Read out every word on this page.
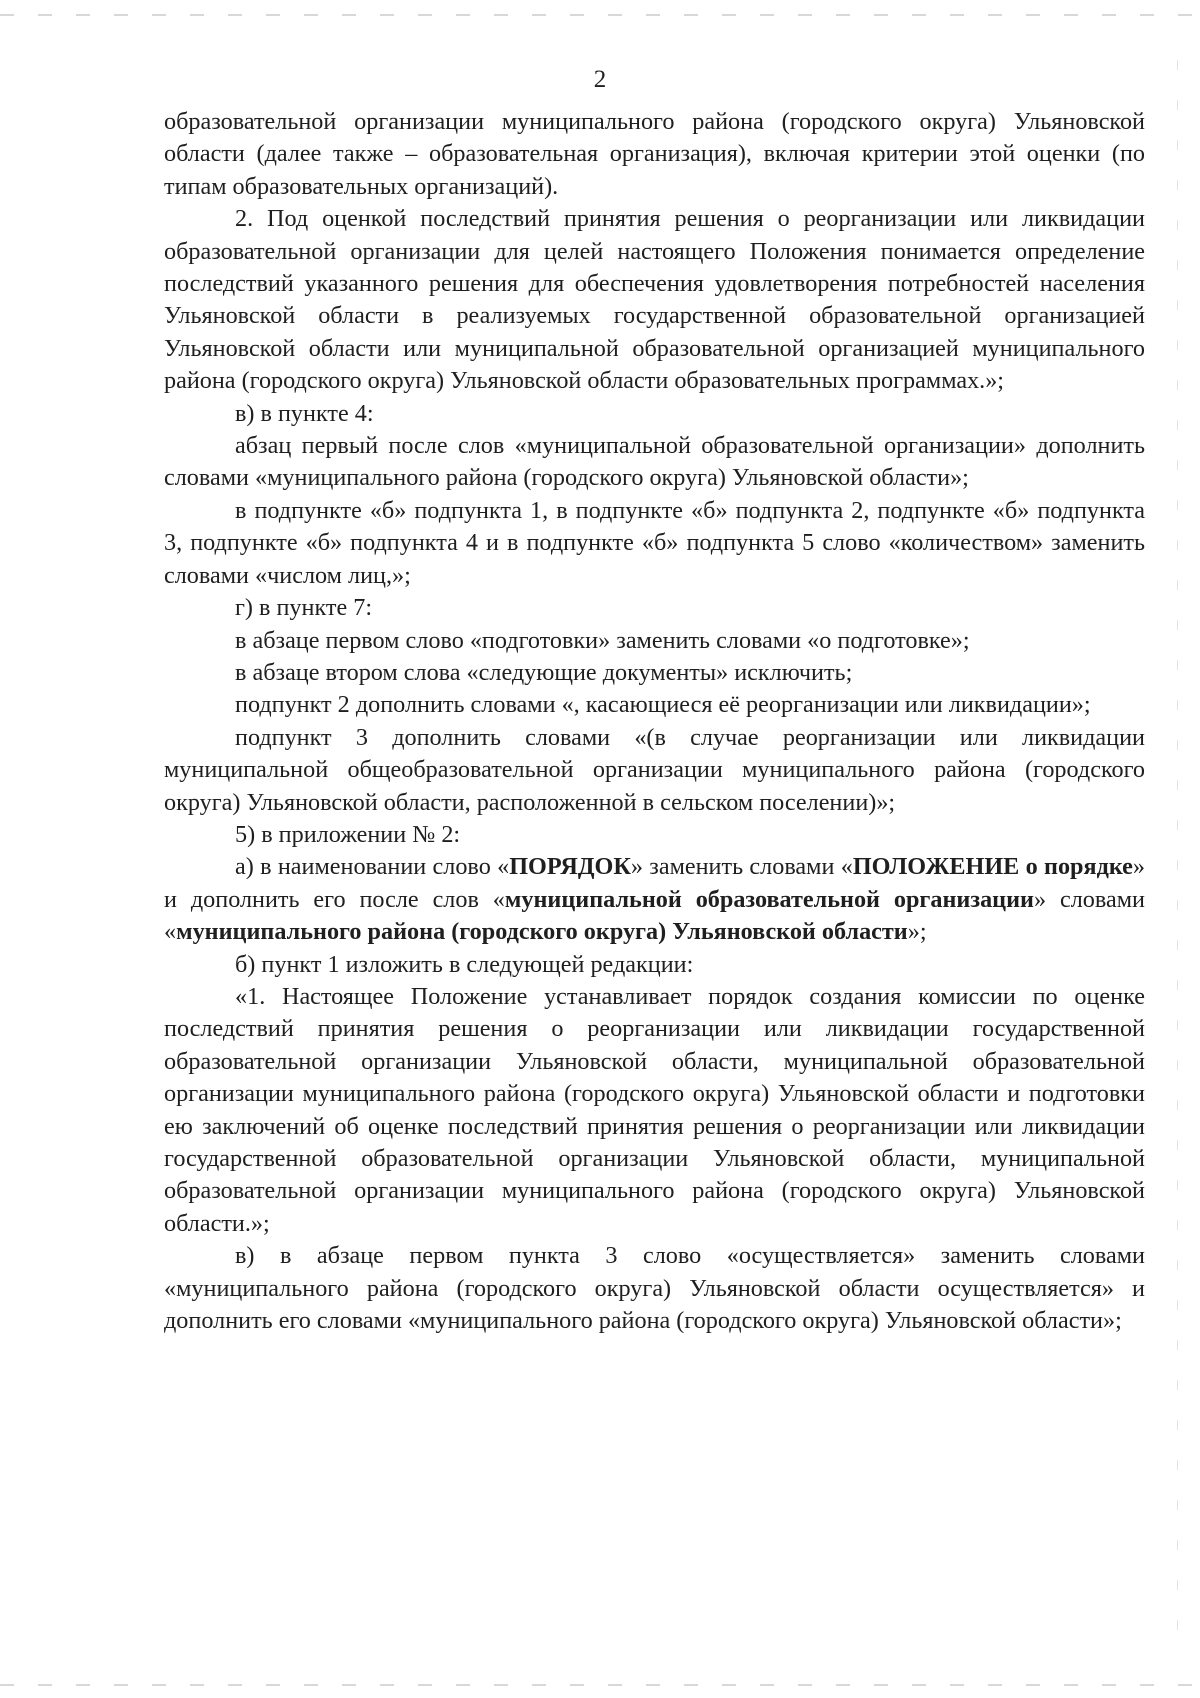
2

образовательной организации муниципального района (городского округа) Ульяновской области (далее также – образовательная организация), включая критерии этой оценки (по типам образовательных организаций).

2. Под оценкой последствий принятия решения о реорганизации или ликвидации образовательной организации для целей настоящего Положения понимается определение последствий указанного решения для обеспечения удовлетворения потребностей населения Ульяновской области в реализуемых государственной образовательной организацией Ульяновской области или муниципальной образовательной организацией муниципального района (городского округа) Ульяновской области образовательных программах.»;

в) в пункте 4:

абзац первый после слов «муниципальной образовательной организации» дополнить словами «муниципального района (городского округа) Ульяновской области»;

в подпункте «б» подпункта 1, в подпункте «б» подпункта 2, подпункте «б» подпункта 3, подпункте «б» подпункта 4 и в подпункте «б» подпункта 5 слово «количеством» заменить словами «числом лиц,»;

г) в пункте 7:

в абзаце первом слово «подготовки» заменить словами «о подготовке»;

в абзаце втором слова «следующие документы» исключить;

подпункт 2 дополнить словами «, касающиеся её реорганизации или ликвидации»;

подпункт 3 дополнить словами «(в случае реорганизации или ликвидации муниципальной общеобразовательной организации муниципального района (городского округа) Ульяновской области, расположенной в сельском поселении)»;

5) в приложении № 2:

а) в наименовании слово «ПОРЯДОК» заменить словами «ПОЛОЖЕНИЕ о порядке» и дополнить его после слов «муниципальной образовательной организации» словами «муниципального района (городского округа) Ульяновской области»;

б) пункт 1 изложить в следующей редакции:

«1. Настоящее Положение устанавливает порядок создания комиссии по оценке последствий принятия решения о реорганизации или ликвидации государственной образовательной организации Ульяновской области, муниципальной образовательной организации муниципального района (городского округа) Ульяновской области и подготовки ею заключений об оценке последствий принятия решения о реорганизации или ликвидации государственной образовательной организации Ульяновской области, муниципальной образовательной организации муниципального района (городского округа) Ульяновской области.»;

в) в абзаце первом пункта 3 слово «осуществляется» заменить словами «муниципального района (городского округа) Ульяновской области осуществляется» и дополнить его словами «муниципального района (городского округа) Ульяновской области»;
